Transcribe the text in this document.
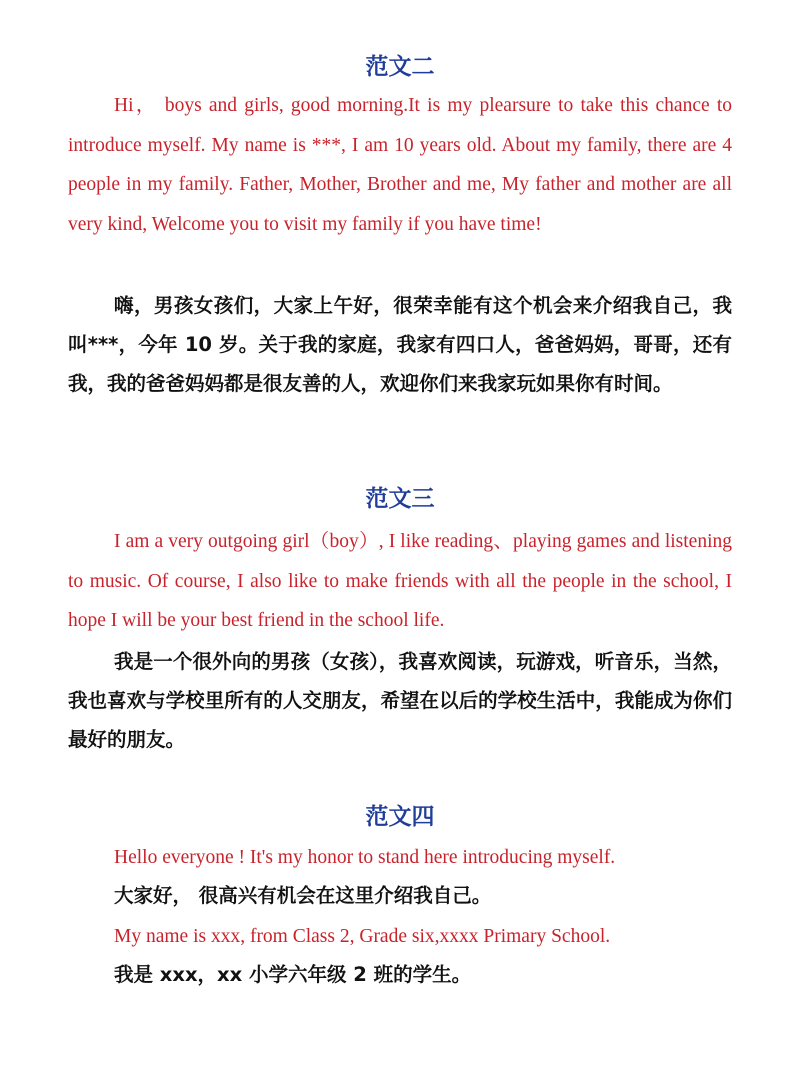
范文二

Hi， boys and girls, good morning.It is my plearsure to take this chance to introduce myself. My name is ***, I am 10 years old. About my family, there are 4 people in my family. Father, Mother, Brother and me, My father and mother are all very kind, Welcome you to visit my family if you have time!

嗨，男孩女孩们，大家上午好，很荣幸能有这个机会来介绍我自己，我叫***，今年 10 岁。关于我的家庭，我家有四口人，爸爸妈妈，哥哥，还有我，我的爸爸妈妈都是很友善的人，欢迎你们来我家玩如果你有时间。

范文三

I am a very outgoing girl（boy）, I like reading、playing games and listening to music. Of course, I also like to make friends with all the people in the school, I hope I will be your best friend in the school life.

我是一个很外向的男孩（女孩），我喜欢阅读，玩游戏，听音乐，当然，我也喜欢与学校里所有的人交朋友，希望在以后的学校生活中，我能成为你们最好的朋友。

范文四

Hello everyone ! It's my honor to stand here introducing myself.

大家好， 很高兴有机会在这里介绍我自己。

My name is xxx, from Class 2, Grade six,xxxx Primary School.

我是 xxx，xx 小学六年级 2 班的学生。
